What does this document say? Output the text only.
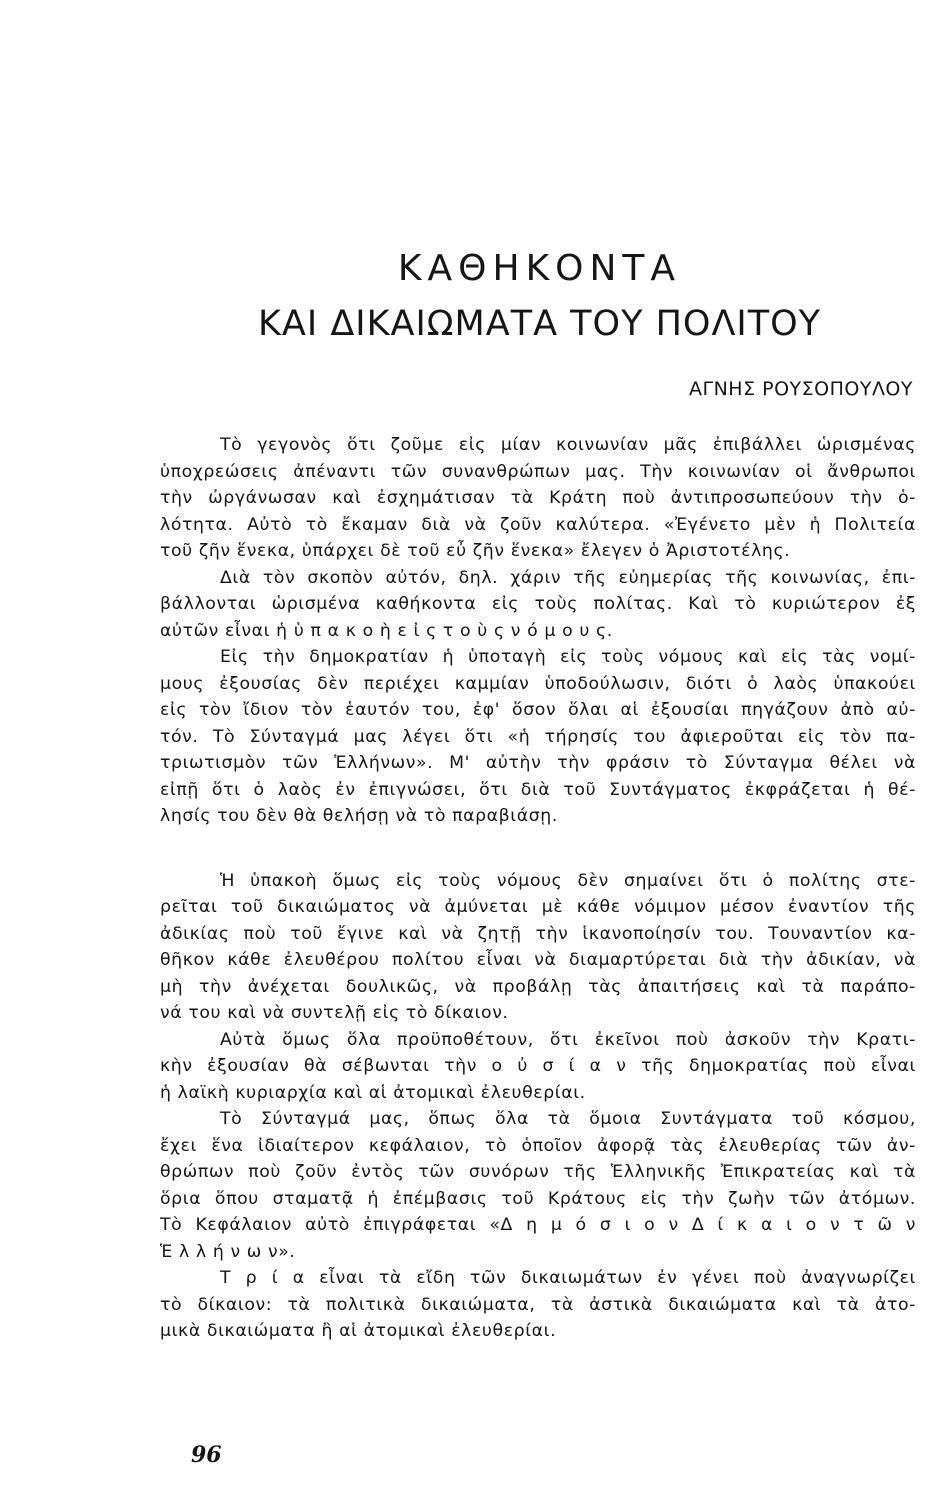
ΚΑΘΗΚΟΝΤΑ
ΚΑΙ ΔΙΚΑΙΩΜΑΤΑ ΤΟΥ ΠΟΛΙΤΟΥ
ΑΓΝΗΣ ΡΟΥΣΟΠΟΥΛΟΥ
Τὸ γεγονὸς ὅτι ζοῦμε εἰς μίαν κοινωνίαν μᾶς ἐπιβάλλει ὡρισμένας
ὑποχρεώσεις ἀπέναντι τῶν συνανθρώπων μας. Τὴν κοινωνίαν οἱ ἄνθρωποι
τὴν ὠργάνωσαν καὶ ἐσχημάτισαν τὰ Κράτη ποὺ ἀντιπροσωπεύουν τὴν ὁ-
λότητα. Αὐτὸ τὸ ἔκαμαν διὰ νὰ ζοῦν καλύτερα. «Ἐγένετο μὲν ἡ Πολιτεία
τοῦ ζῆν ἕνεκα, ὑπάρχει δὲ τοῦ εὖ ζῆν ἕνεκα» ἔλεγεν ὁ Ἀριστοτέλης.
Διὰ τὸν σκοπὸν αὐτόν, δηλ. χάριν τῆς εὐημερίας τῆς κοινωνίας, ἐπι-
βάλλονται ὡρισμένα καθήκοντα εἰς τοὺς πολίτας. Καὶ τὸ κυριώτερον ἐξ
αὐτῶν εἶναι ἡ ὑ π α κ ο ὴ ε ἰ ς τ ο ὺ ς ν ό μ ο υ ς.
Εἰς τὴν δημοκρατίαν ἡ ὑποταγὴ εἰς τοὺς νόμους καὶ εἰς τὰς νομί-
μους ἐξουσίας δὲν περιέχει καμμίαν ὑποδούλωσιν, διότι ὁ λαὸς ὑπακούει
εἰς τὸν ἴδιον τὸν ἑαυτόν του, ἐφ' ὅσον ὅλαι αἱ ἐξουσίαι πηγάζουν ἀπὸ αὐ-
τόν. Τὸ Σύνταγμά μας λέγει ὅτι «ἡ τήρησίς του ἀφιεροῦται εἰς τὸν πα-
τριωτισμὸν τῶν Ἑλλήνων». Μ' αὐτὴν τὴν φράσιν τὸ Σύνταγμα θέλει νὰ
εἰπῇ ὅτι ὁ λαὸς ἐν ἐπιγνώσει, ὅτι διὰ τοῦ Συντάγματος ἐκφράζεται ἡ θέ-
λησίς του δὲν θὰ θελήσῃ νὰ τὸ παραβιάσῃ.
Ἡ ὑπακοὴ ὅμως εἰς τοὺς νόμους δὲν σημαίνει ὅτι ὁ πολίτης στε-
ρεῖται τοῦ δικαιώματος νὰ ἀμύνεται μὲ κάθε νόμιμον μέσον ἐναντίον τῆς
ἀδικίας ποὺ τοῦ ἔγινε καὶ νὰ ζητῇ τὴν ἱκανοποίησίν του. Τουναντίον κα-
θῆκον κάθε ἐλευθέρου πολίτου εἶναι νὰ διαμαρτύρεται διὰ τὴν ἀδικίαν, νὰ
μὴ τὴν ἀνέχεται δουλικῶς, νὰ προβάλῃ τὰς ἀπαιτήσεις καὶ τὰ παράπο-
νά του καὶ νὰ συντελῇ εἰς τὸ δίκαιον.
Αὐτὰ ὅμως ὅλα προϋποθέτουν, ὅτι ἐκεῖνοι ποὺ ἀσκοῦν τὴν Κρατι-
κὴν ἐξουσίαν θὰ σέβωνται τὴν ο ὐ σ ί α ν τῆς δημοκρατίας ποὺ εἶναι
ἡ λαϊκὴ κυριαρχία καὶ αἱ ἀτομικαὶ ἐλευθερίαι.
Τὸ Σύνταγμά μας, ὅπως ὅλα τὰ ὅμοια Συντάγματα τοῦ κόσμου,
ἔχει ἕνα ἰδιαίτερον κεφάλαιον, τὸ ὁποῖον ἀφορᾷ τὰς ἐλευθερίας τῶν ἀν-
θρώπων ποὺ ζοῦν ἐντὸς τῶν συνόρων τῆς Ἑλληνικῆς Ἐπικρατείας καὶ τὰ
ὅρια ὅπου σταματᾷ ἡ ἐπέμβασις τοῦ Κράτους εἰς τὴν ζωὴν τῶν ἀτόμων.
Τὸ Κεφάλαιον αὐτὸ ἐπιγράφεται «Δ η μ ό σ ι ο ν Δ ί κ α ι ο ν τ ῶ ν
Ἑ λ λ ή ν ω ν».
Τ ρ ί α εἶναι τὰ εἴδη τῶν δικαιωμάτων ἐν γένει ποὺ ἀναγνωρίζει
τὸ δίκαιον: τὰ πολιτικὰ δικαιώματα, τὰ ἀστικὰ δικαιώματα καὶ τὰ ἀτο-
μικὰ δικαιώματα ἢ αἱ ἀτομικαὶ ἐλευθερίαι.
96
